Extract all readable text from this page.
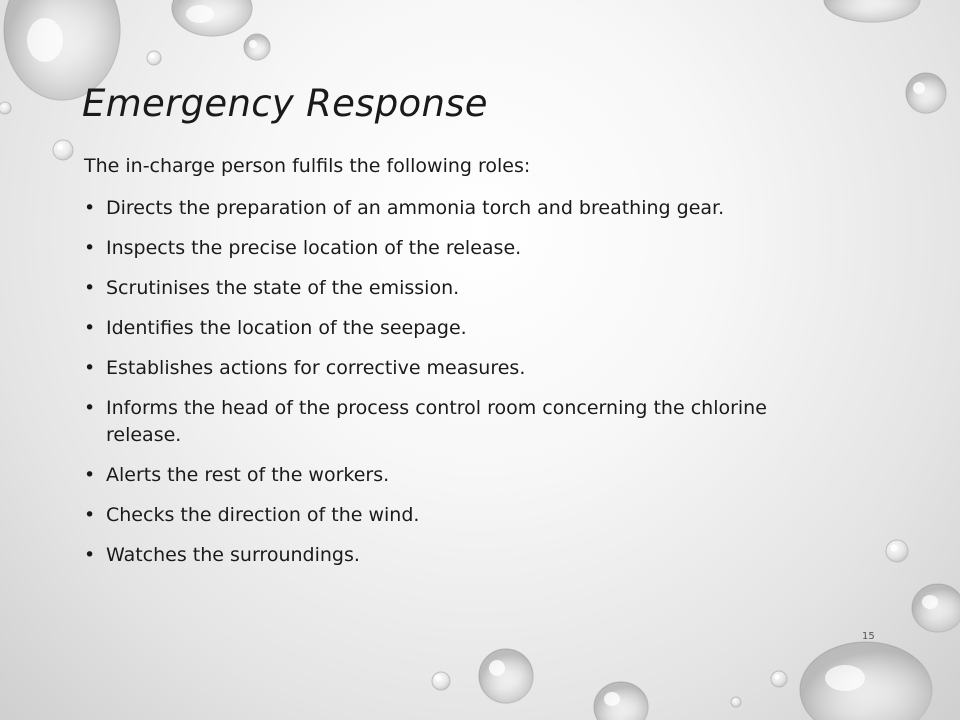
Emergency Response

The in-charge person fulfils the following roles:

• Directs the preparation of an ammonia torch and breathing gear.
• Inspects the precise location of the release.
• Scrutinises the state of the emission.
• Identifies the location of the seepage.
• Establishes actions for corrective measures.
• Informs the head of the process control room concerning the chlorine release.
• Alerts the rest of the workers.
• Checks the direction of the wind.
• Watches the surroundings.
15
